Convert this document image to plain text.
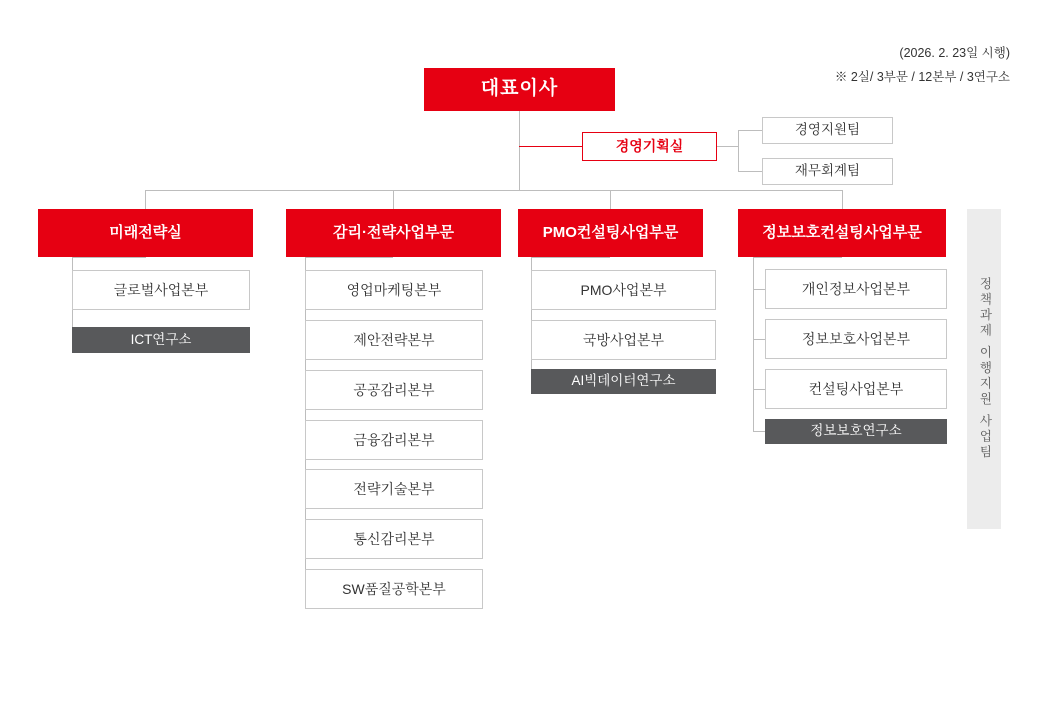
(2026. 2. 23일 시행)
※ 2실/ 3부문 / 12본부 / 3연구소
대표이사
경영기획실
경영지원팀
재무회계팀
미래전략실
글로벌사업본부
ICT연구소
감리·전략사업부문
영업마케팅본부
제안전략본부
공공감리본부
금융감리본부
전략기술본부
통신감리본부
SW품질공학본부
PMO컨설팅사업부문
PMO사업본부
국방사업본부
AI빅데이터연구소
정보보호컨설팅사업부문
개인정보사업본부
정보보호사업본부
컨설팅사업본부
정보보호연구소	정책과제 이행지원 사업팀
